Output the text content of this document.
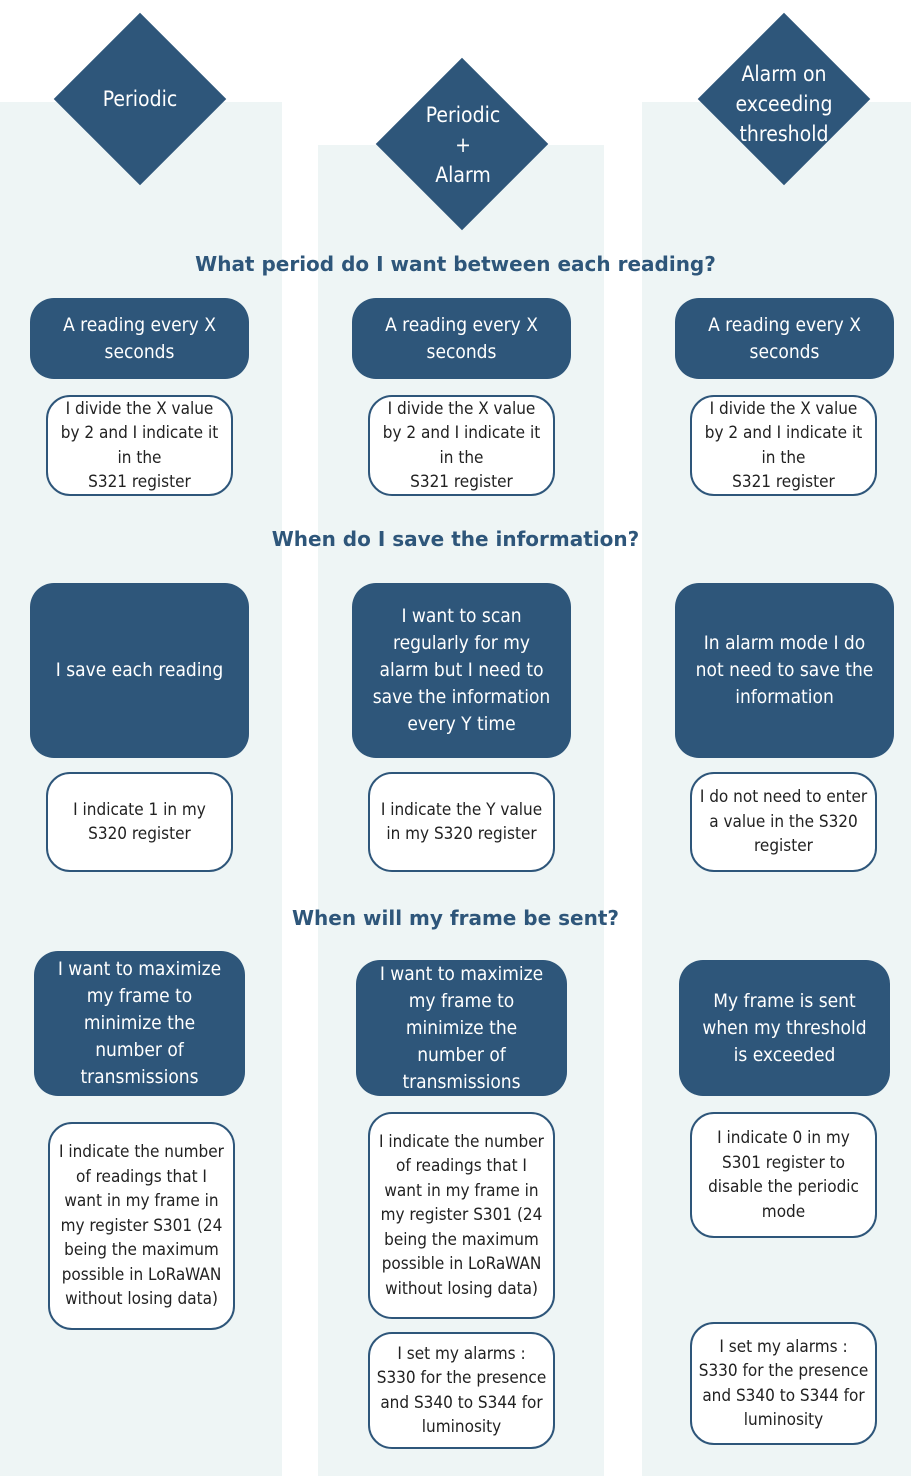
Periodic
Periodic
+
Alarm
Alarm on
exceeding
threshold
What period do I want between each reading?
When do I save the information?
When will my frame be sent?
A reading every X seconds
A reading every X seconds
A reading every X seconds
I divide the X value
by 2 and I indicate it
in the
S321 register
I divide the X value
by 2 and I indicate it
in the
S321 register
I divide the X value
by 2 and I indicate it
in the
S321 register
I save each reading
I want to scan regularly for my alarm but I need to save the information every Y time
In alarm mode I do not need to save the information
I indicate 1 in my S320 register
I indicate the Y value in my S320 register
I do not need to enter a value in the S320 register
I want to maximize my frame to minimize the number of transmissions
I want to maximize my frame to minimize the number of transmissions
My frame is sent when my threshold is exceeded
I indicate the number of readings that I want in my frame in my register S301 (24 being the maximum possible in LoRaWAN without losing data)
I indicate the number of readings that I want in my frame in my register S301 (24 being the maximum possible in LoRaWAN without losing data)
I indicate 0 in my S301 register to disable the periodic mode
I set my alarms : S330 for the presence and S340 to S344 for luminosity
I set my alarms : S330 for the presence and S340 to S344 for luminosity
